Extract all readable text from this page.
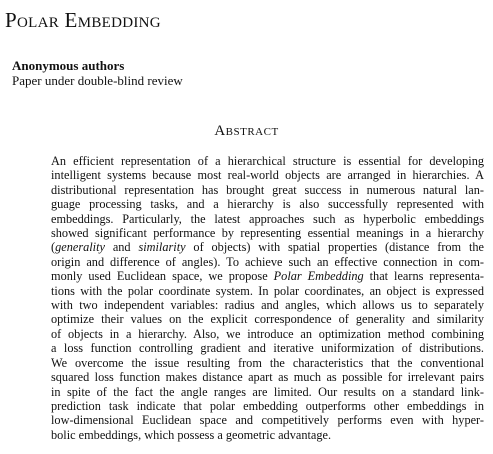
Polar Embedding
Anonymous authors
Paper under double-blind review
Abstract
An efficient representation of a hierarchical structure is essential for developing
intelligent systems because most real-world objects are arranged in hierarchies. A
distributional representation has brought great success in numerous natural lan-
guage processing tasks, and a hierarchy is also successfully represented with
embeddings. Particularly, the latest approaches such as hyperbolic embeddings
showed significant performance by representing essential meanings in a hierarchy
(generality and similarity of objects) with spatial properties (distance from the
origin and difference of angles). To achieve such an effective connection in com-
monly used Euclidean space, we propose Polar Embedding that learns representa-
tions with the polar coordinate system. In polar coordinates, an object is expressed
with two independent variables: radius and angles, which allows us to separately
optimize their values on the explicit correspondence of generality and similarity
of objects in a hierarchy. Also, we introduce an optimization method combining
a loss function controlling gradient and iterative uniformization of distributions.
We overcome the issue resulting from the characteristics that the conventional
squared loss function makes distance apart as much as possible for irrelevant pairs
in spite of the fact the angle ranges are limited. Our results on a standard link-
prediction task indicate that polar embedding outperforms other embeddings in
low-dimensional Euclidean space and competitively performs even with hyper-
bolic embeddings, which possess a geometric advantage.
